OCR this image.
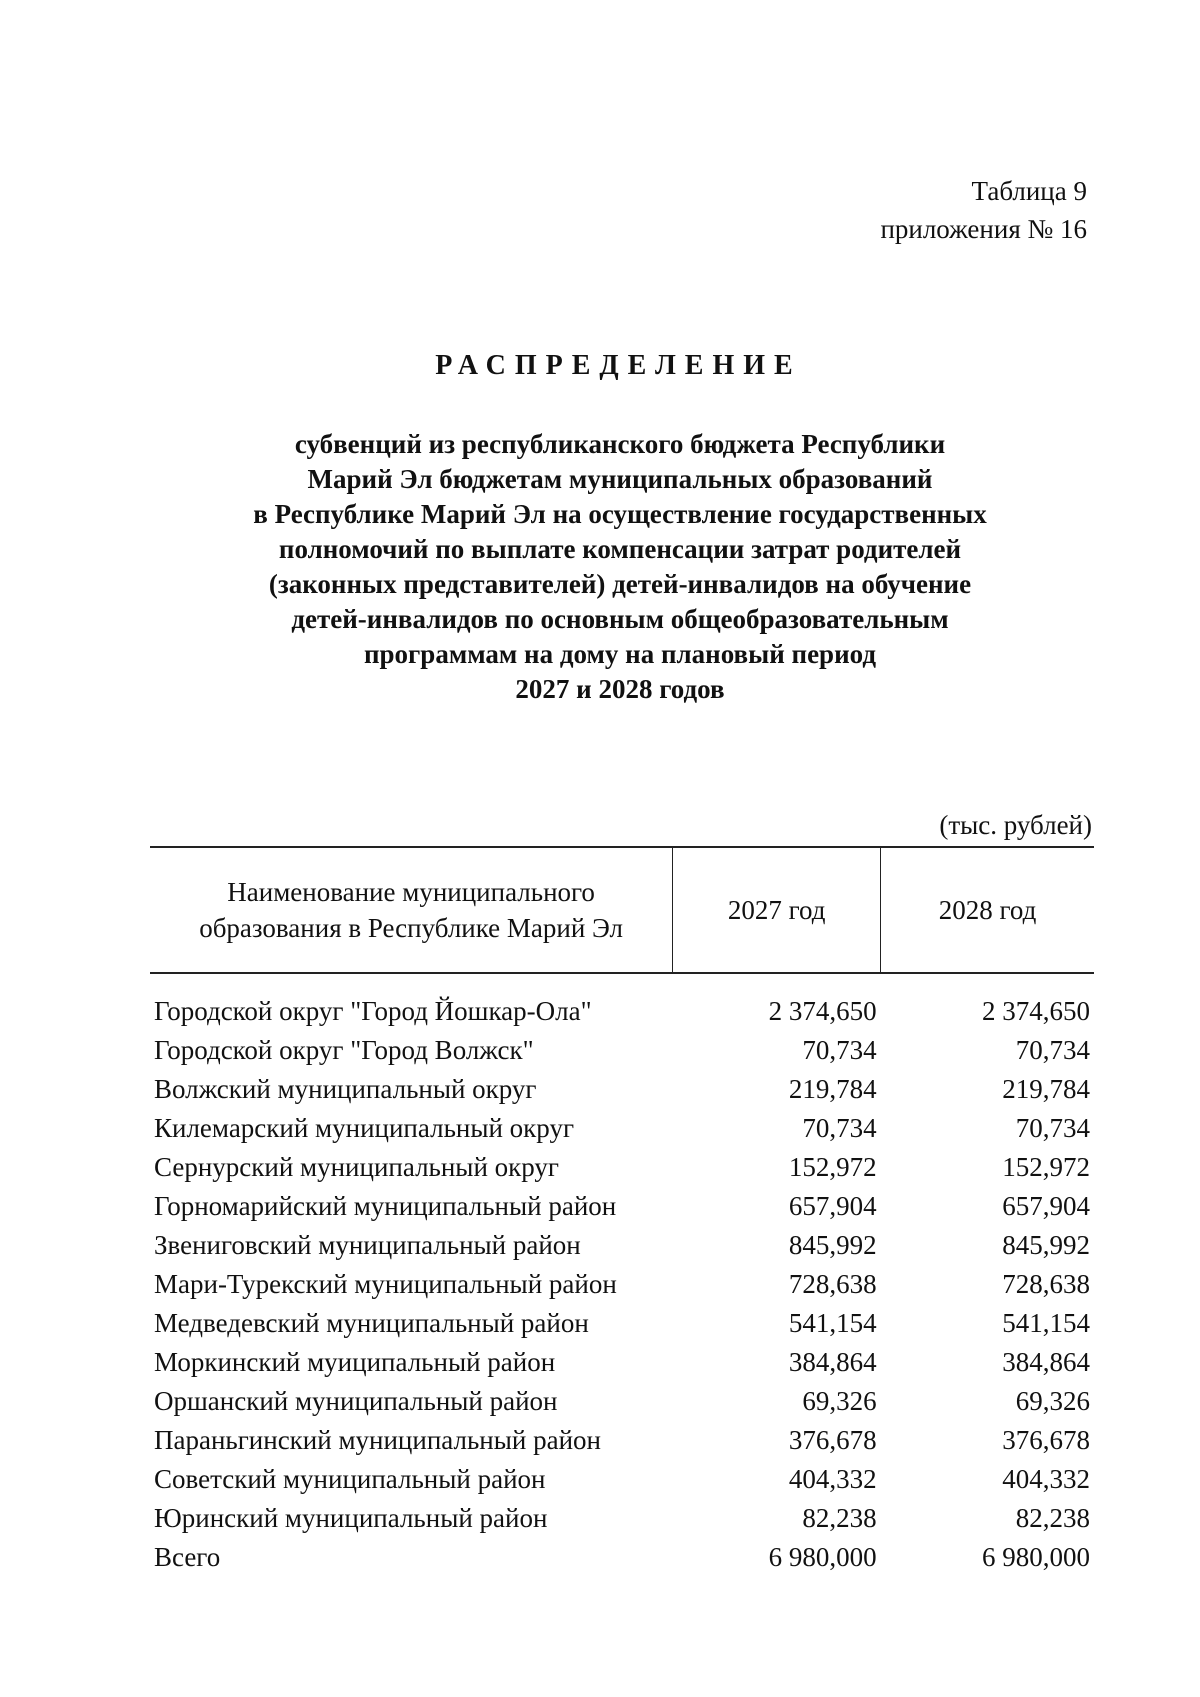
Таблица 9
приложения № 16
РАСПРЕДЕЛЕНИЕ
субвенций из республиканского бюджета Республики
Марий Эл бюджетам муниципальных образований
в Республике Марий Эл на осуществление государственных
полномочий по выплате компенсации затрат родителей
(законных представителей) детей-инвалидов на обучение
детей-инвалидов по основным общеобразовательным
программам на дому на плановый период
2027 и 2028 годов
(тыс. рублей)
Наименование муниципального
образования в Республике Марий Эл	2027 год	2028 год

Городской округ "Город Йошкар-Ола"	2 374,650	2 374,650
Городской округ "Город Волжск"	70,734	70,734
Волжский муниципальный округ	219,784	219,784
Килемарский муниципальный округ	70,734	70,734
Сернурский муниципальный округ	152,972	152,972
Горномарийский муниципальный район	657,904	657,904
Звениговский муниципальный район	845,992	845,992
Мари-Турекский муниципальный район	728,638	728,638
Медведевский муниципальный район	541,154	541,154
Моркинский муиципальный район	384,864	384,864
Оршанский муниципальный район	69,326	69,326
Параньгинский муниципальный район	376,678	376,678
Советский муниципальный район	404,332	404,332
Юринский муниципальный район	82,238	82,238
Всего	6 980,000	6 980,000
